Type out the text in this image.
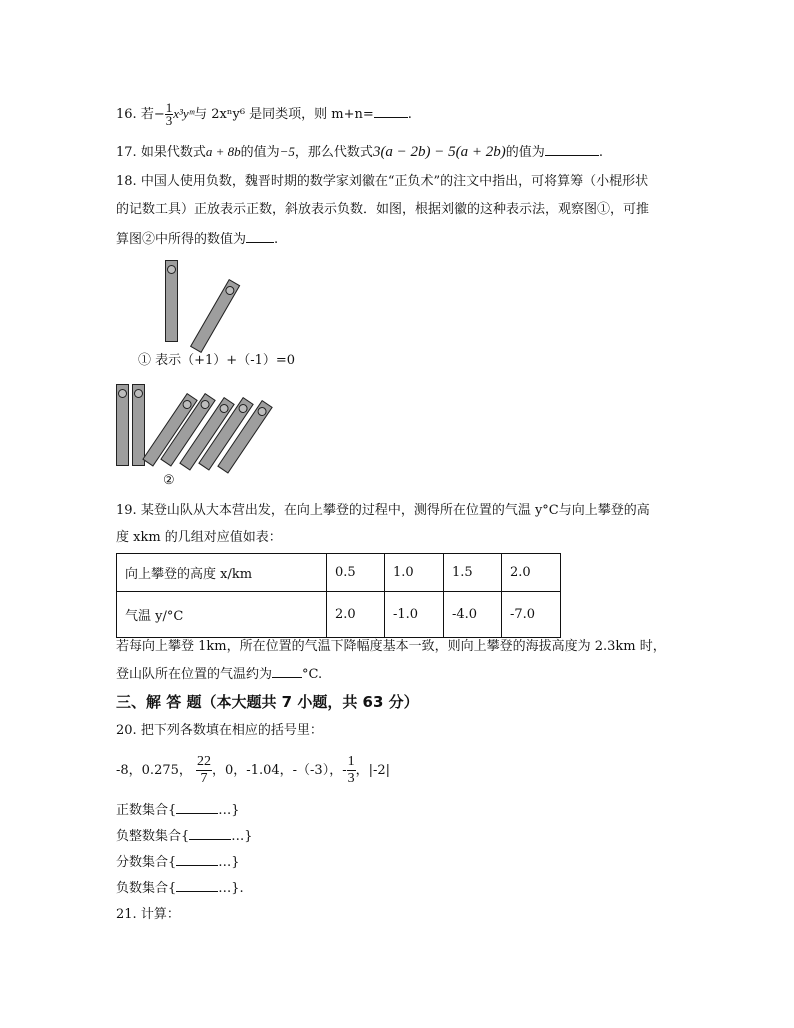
16. 若− $\frac{1}{3}$ x³yᵐ与 2xⁿy⁶ 是同类项，则 m+n=	.
17. 如果代数式a + 8b的值为−5，那么代数式3(a − 2b) − 5(a + 2b)的值为	.
18. 中国人使用负数，魏晋时期的数学家刘徽在“正负术”的注文中指出，可将算筹（小棍形状
的记数工具）正放表示正数，斜放表示负数．如图，根据刘徽的这种表示法，观察图①，可推
算图②中所得的数值为 .
① 表示（+1）+（-1）=0
②
19. 某登山队从大本营出发，在向上攀登的过程中，测得所在位置的气温 y°C与向上攀登的高
度 xkm 的几组对应值如表：
向上攀登的高度 x/km	0.5	1.0	1.5	2.0
气温 y/°C	2.0	-1.0	-4.0	-7.0
若每向上攀登 1km，所在位置的气温下降幅度基本一致，则向上攀登的海拔高度为 2.3km 时，
登山队所在位置的气温约为 °C.
三、解 答 题（本大题共 7 小题，共 63 分）
20. 把下列各数填在相应的括号里：
-8，0.275， $\frac{22}{7}$ ，0，-1.04，-（-3），- $\frac{1}{3}$ ，|-2|
正数集合{	…}
负整数集合{	…}
分数集合{	…}
负数集合{	…}.
21. 计算：
